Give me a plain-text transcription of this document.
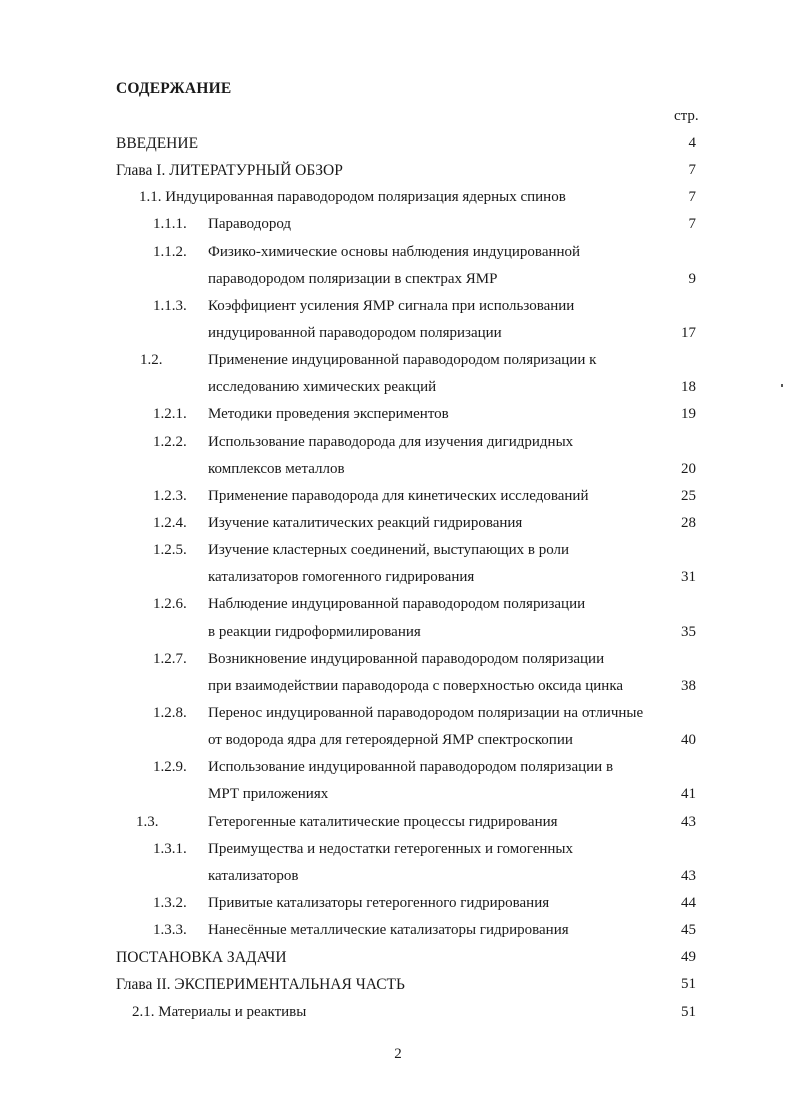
СОДЕРЖАНИЕ
стр.
ВВЕДЕНИЕ	4
Глава I. ЛИТЕРАТУРНЫЙ ОБЗОР	7
1.1. Индуцированная параводородом поляризация ядерных спинов	7
1.1.1. Параводород	7
1.1.2. Физико-химические основы наблюдения индуцированной
параводородом поляризации в спектрах ЯМР	9
1.1.3. Коэффициент усиления ЯМР сигнала при использовании
индуцированной параводородом поляризации	17
1.2.	Применение индуцированной параводородом поляризации к
исследованию химических реакций	18
1.2.1. Методики проведения экспериментов	19
1.2.2. Использование параводорода для изучения дигидридных
комплексов металлов	20
1.2.3. Применение параводорода для кинетических исследований	25
1.2.4. Изучение каталитических реакций гидрирования	28
1.2.5. Изучение кластерных соединений, выступающих в роли
катализаторов гомогенного гидрирования	31
1.2.6. Наблюдение индуцированной параводородом поляризации
в реакции гидроформилирования	35
1.2.7. Возникновение индуцированной параводородом поляризации
при взаимодействии параводорода с поверхностью оксида цинка	38
1.2.8. Перенос индуцированной параводородом поляризации на отличные
от водорода ядра для гетероядерной ЯМР спектроскопии	40
1.2.9. Использование индуцированной параводородом поляризации в
МРТ приложениях	41
1.3.	Гетерогенные каталитические процессы гидрирования	43
1.3.1. Преимущества и недостатки гетерогенных и гомогенных
катализаторов	43
1.3.2. Привитые катализаторы гетерогенного гидрирования	44
1.3.3. Нанесённые металлические катализаторы гидрирования	45
ПОСТАНОВКА ЗАДАЧИ	49
Глава II. ЭКСПЕРИМЕНТАЛЬНАЯ ЧАСТЬ	51
2.1. Материалы и реактивы	51
2
